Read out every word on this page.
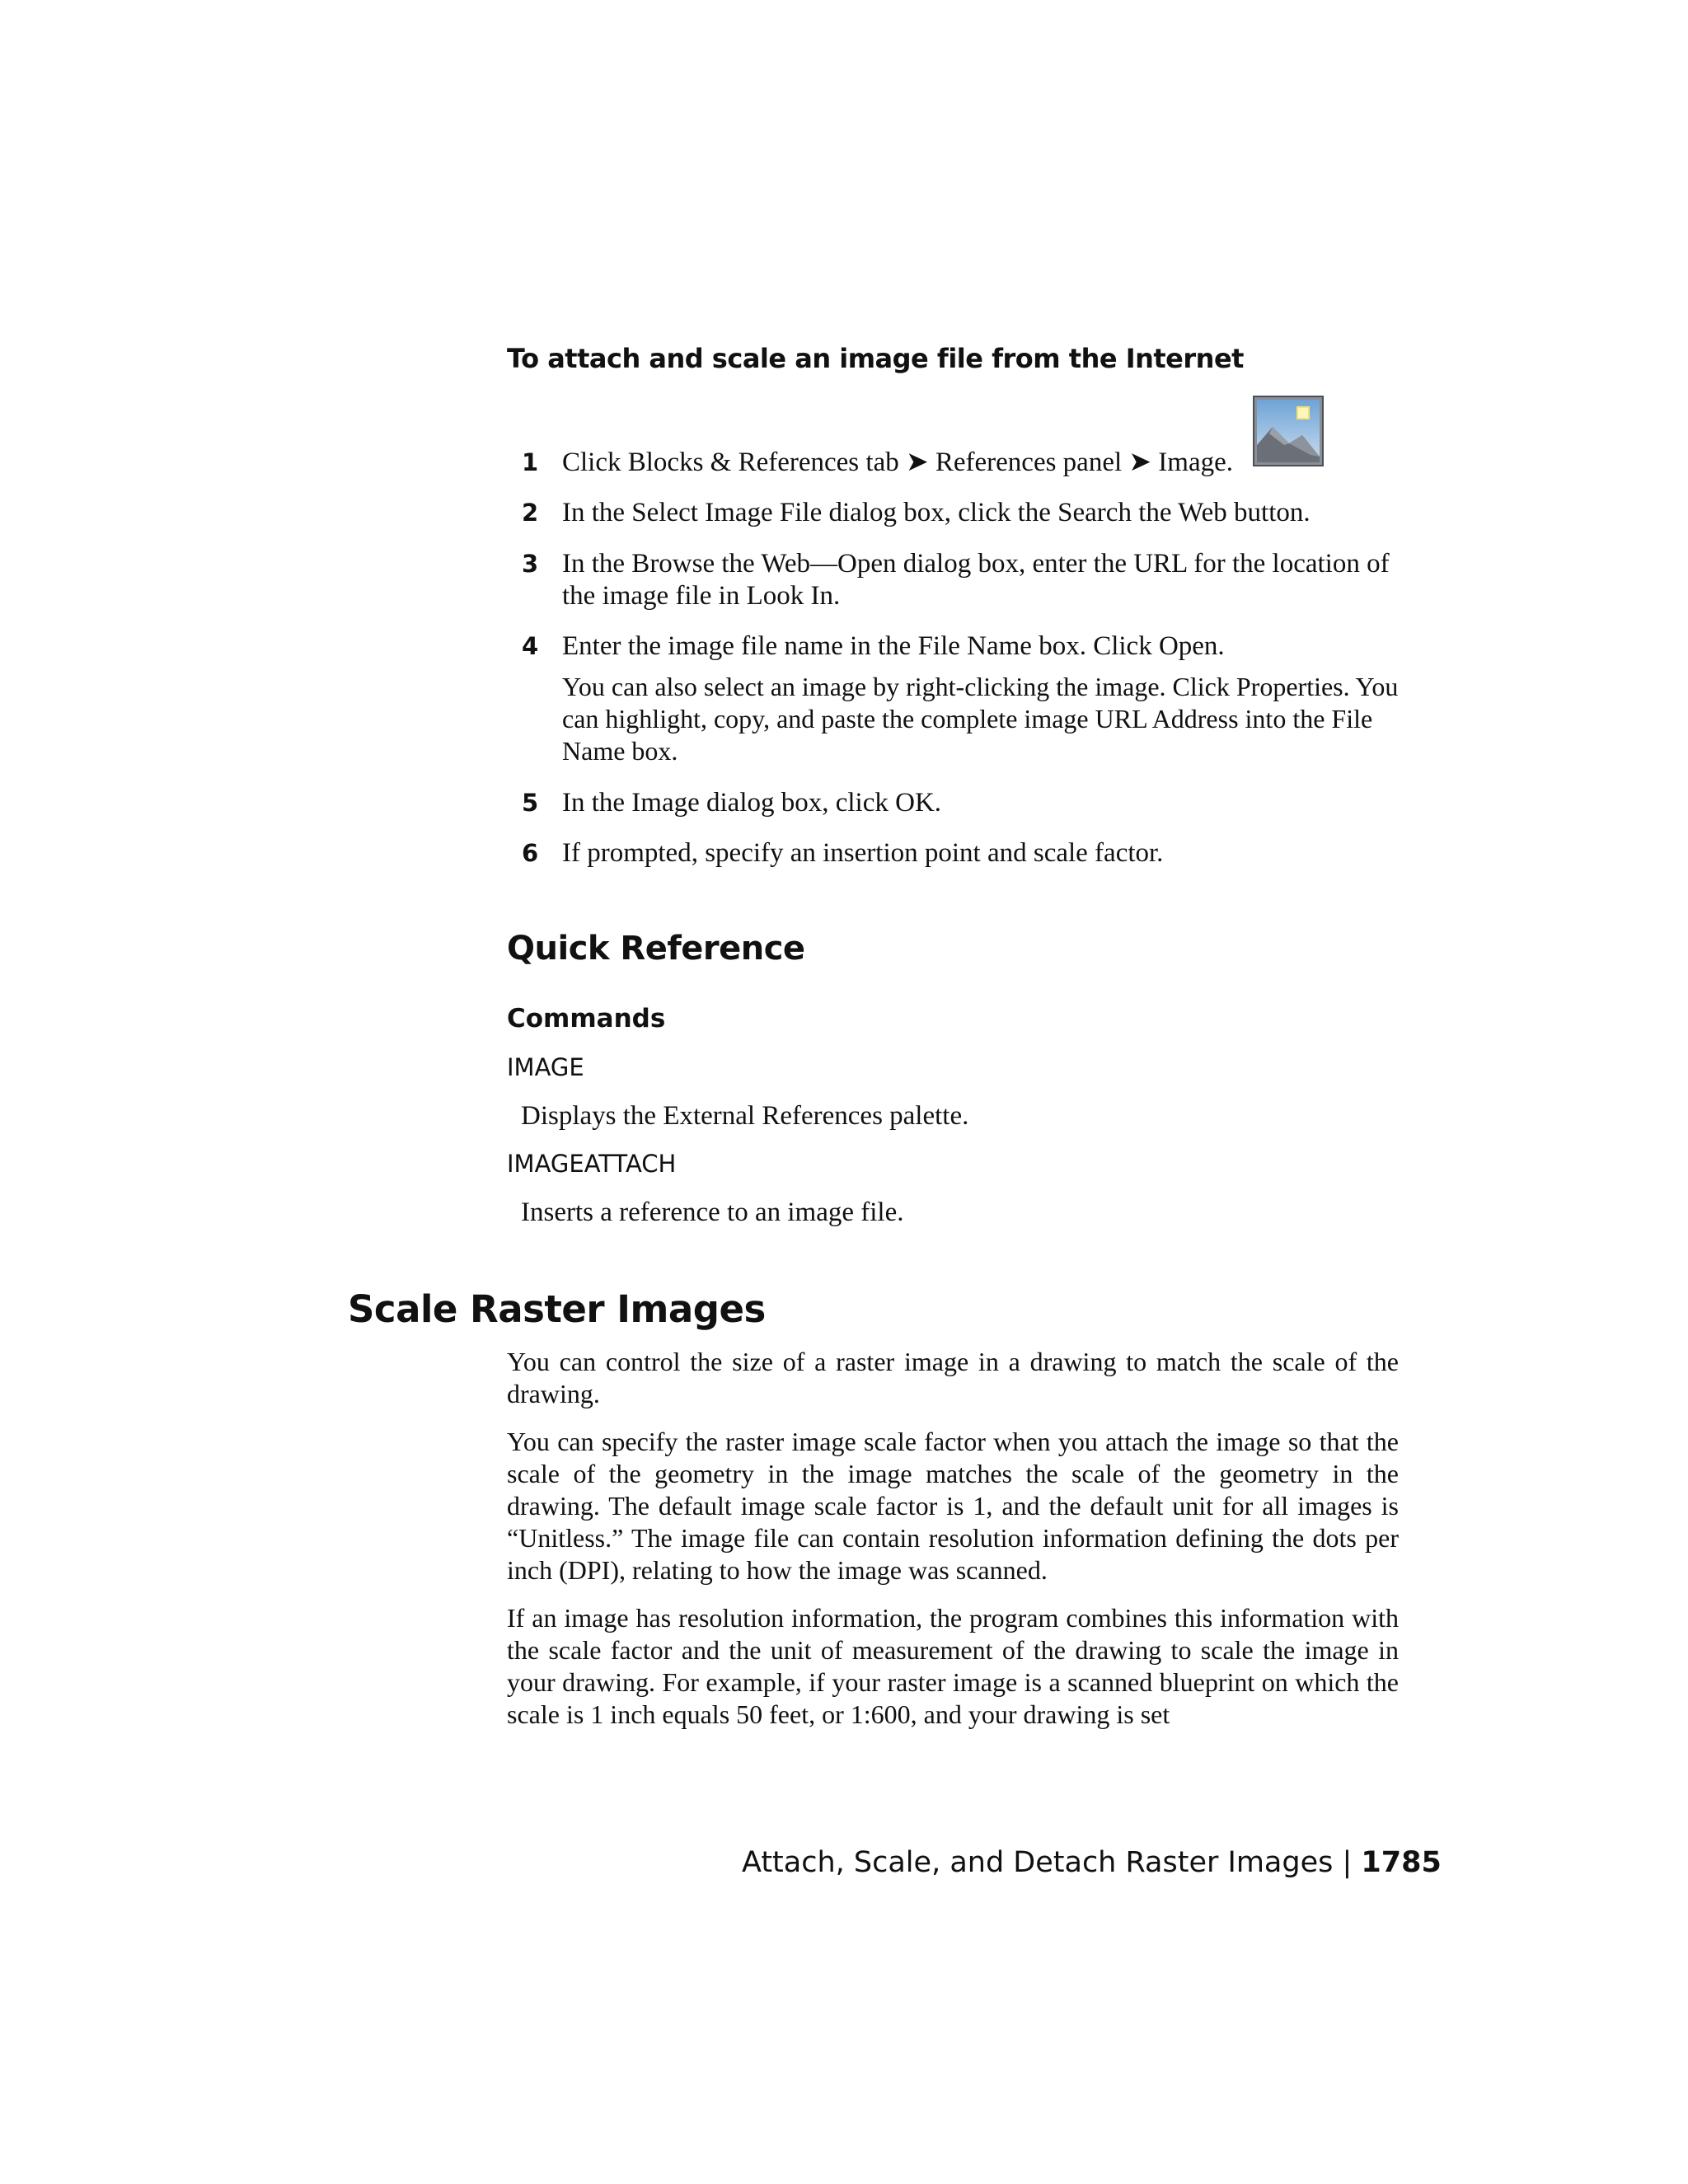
To attach and scale an image file from the Internet
1 Click Blocks & References tab ➤ References panel ➤ Image.
2 In the Select Image File dialog box, click the Search the Web button.
3 In the Browse the Web—Open dialog box, enter the URL for the location of the image file in Look In.
4 Enter the image file name in the File Name box. Click Open.
You can also select an image by right-clicking the image. Click Properties. You can highlight, copy, and paste the complete image URL Address into the File Name box.
5 In the Image dialog box, click OK.
6 If prompted, specify an insertion point and scale factor.
Quick Reference
Commands
IMAGE
Displays the External References palette.
IMAGEATTACH
Inserts a reference to an image file.
Scale Raster Images
You can control the size of a raster image in a drawing to match the scale of the drawing.
You can specify the raster image scale factor when you attach the image so that the scale of the geometry in the image matches the scale of the geometry in the drawing. The default image scale factor is 1, and the default unit for all images is “Unitless.” The image file can contain resolution information defining the dots per inch (DPI), relating to how the image was scanned.
If an image has resolution information, the program combines this information with the scale factor and the unit of measurement of the drawing to scale the image in your drawing. For example, if your raster image is a scanned blueprint on which the scale is 1 inch equals 50 feet, or 1:600, and your drawing is set
Attach, Scale, and Detach Raster Images | 1785
